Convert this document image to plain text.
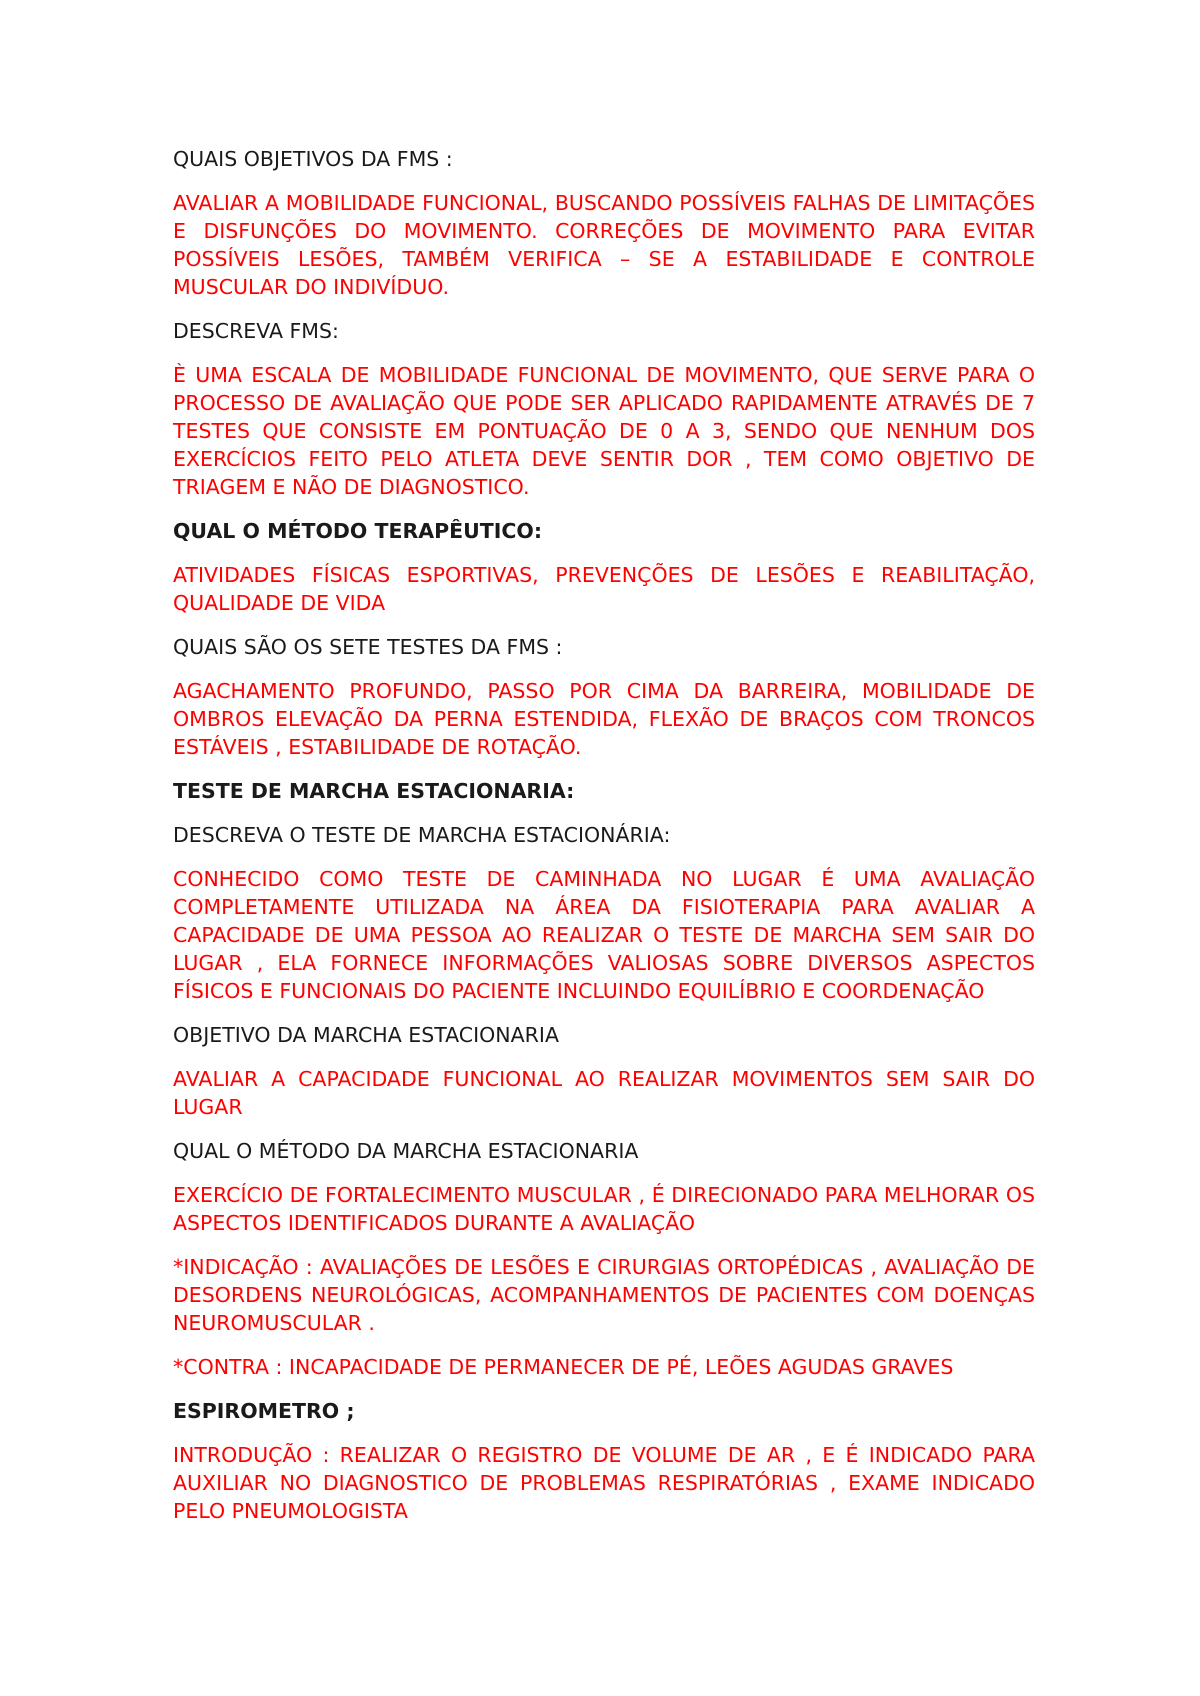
QUAIS OBJETIVOS DA FMS :

AVALIAR A MOBILIDADE FUNCIONAL, BUSCANDO POSSÍVEIS FALHAS DE LIMITAÇÕES E DISFUNÇÕES DO MOVIMENTO. CORREÇÕES DE MOVIMENTO PARA EVITAR POSSÍVEIS LESÕES, TAMBÉM VERIFICA – SE A ESTABILIDADE E CONTROLE MUSCULAR DO INDIVÍDUO.

DESCREVA FMS:

È UMA ESCALA DE MOBILIDADE FUNCIONAL DE MOVIMENTO, QUE SERVE PARA O PROCESSO DE AVALIAÇÃO QUE PODE SER APLICADO RAPIDAMENTE ATRAVÉS DE 7 TESTES QUE CONSISTE EM PONTUAÇÃO DE 0 A 3, SENDO QUE NENHUM DOS EXERCÍCIOS FEITO PELO ATLETA DEVE SENTIR DOR , TEM COMO OBJETIVO DE TRIAGEM E NÃO DE DIAGNOSTICO.

QUAL O MÉTODO TERAPÊUTICO:

ATIVIDADES FÍSICAS ESPORTIVAS, PREVENÇÕES DE LESÕES E REABILITAÇÃO, QUALIDADE DE VIDA

QUAIS SÃO OS SETE TESTES DA FMS :

AGACHAMENTO PROFUNDO, PASSO POR CIMA DA BARREIRA, MOBILIDADE DE OMBROS ELEVAÇÃO DA PERNA ESTENDIDA, FLEXÃO DE BRAÇOS COM TRONCOS ESTÁVEIS , ESTABILIDADE DE ROTAÇÃO.

TESTE DE MARCHA ESTACIONARIA:

DESCREVA O TESTE DE MARCHA ESTACIONÁRIA:

CONHECIDO COMO TESTE DE CAMINHADA NO LUGAR É UMA AVALIAÇÃO COMPLETAMENTE UTILIZADA NA ÁREA DA FISIOTERAPIA PARA AVALIAR A CAPACIDADE DE UMA PESSOA AO REALIZAR O TESTE DE MARCHA SEM SAIR DO LUGAR , ELA FORNECE INFORMAÇÕES VALIOSAS SOBRE DIVERSOS ASPECTOS FÍSICOS E FUNCIONAIS DO PACIENTE INCLUINDO EQUILÍBRIO E COORDENAÇÃO

OBJETIVO DA MARCHA ESTACIONARIA

AVALIAR A CAPACIDADE FUNCIONAL AO REALIZAR MOVIMENTOS SEM SAIR DO LUGAR

QUAL O MÉTODO DA MARCHA ESTACIONARIA

EXERCÍCIO DE FORTALECIMENTO MUSCULAR , É DIRECIONADO PARA MELHORAR OS ASPECTOS IDENTIFICADOS DURANTE A AVALIAÇÃO

*INDICAÇÃO : AVALIAÇÕES DE LESÕES E CIRURGIAS ORTOPÉDICAS , AVALIAÇÃO DE DESORDENS NEUROLÓGICAS, ACOMPANHAMENTOS DE PACIENTES COM DOENÇAS NEUROMUSCULAR .

*CONTRA : INCAPACIDADE DE PERMANECER DE PÉ, LEÕES AGUDAS GRAVES

ESPIROMETRO ;

INTRODUÇÃO : REALIZAR O REGISTRO DE VOLUME DE AR , E É INDICADO PARA AUXILIAR NO DIAGNOSTICO DE PROBLEMAS RESPIRATÓRIAS , EXAME INDICADO PELO PNEUMOLOGISTA
